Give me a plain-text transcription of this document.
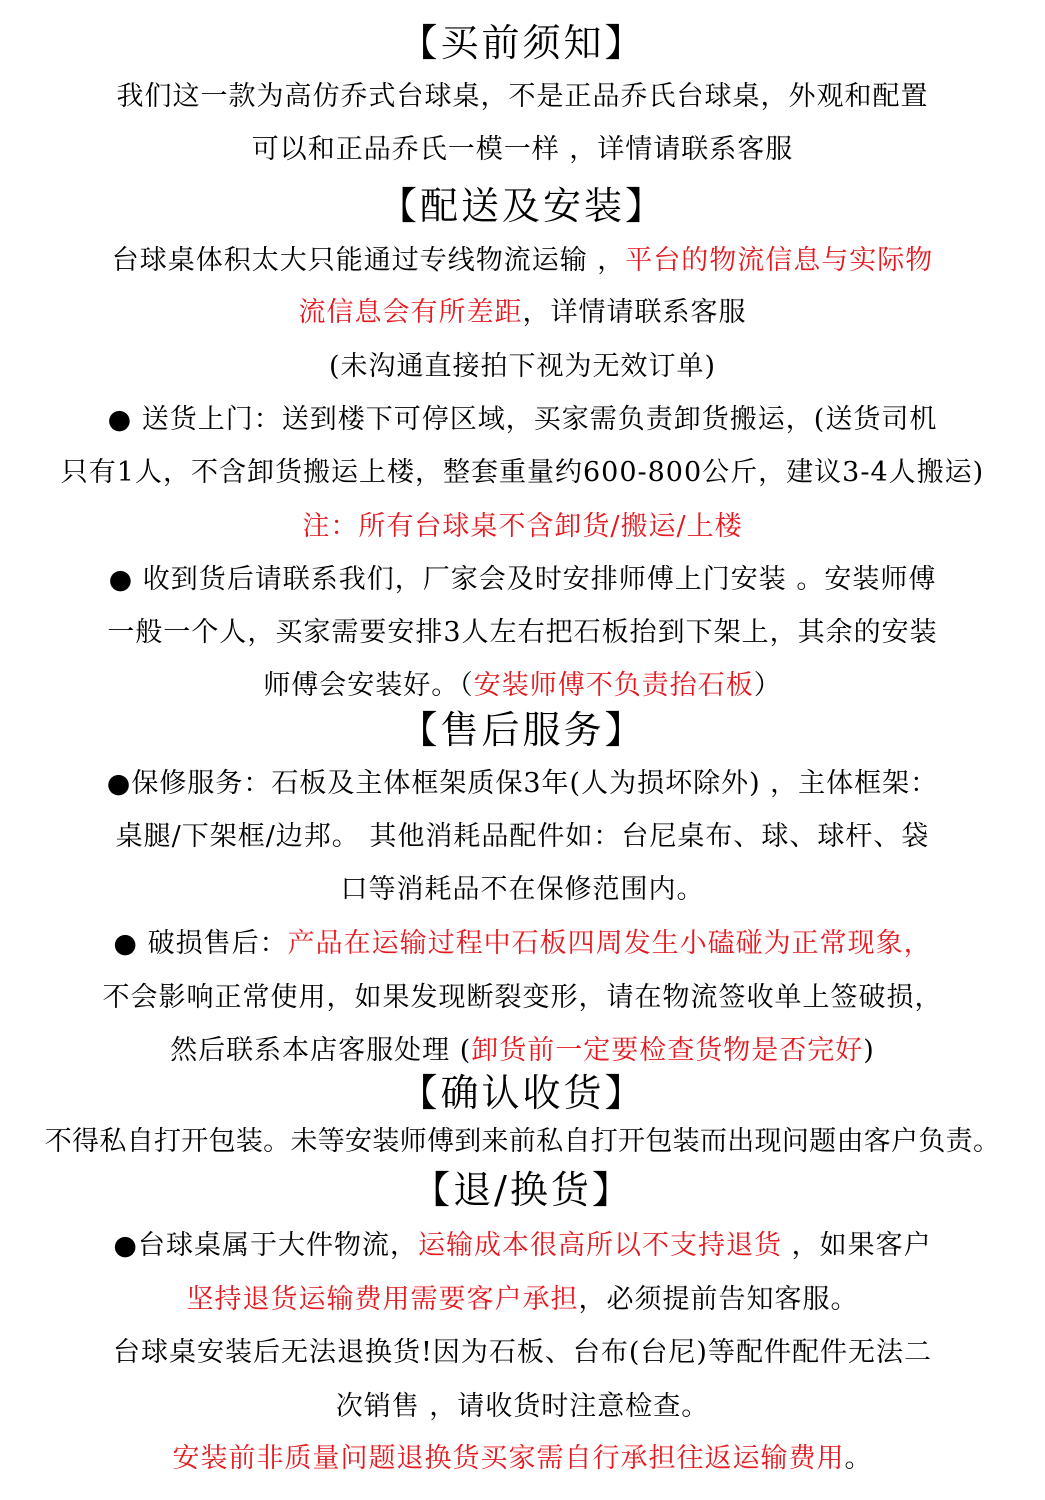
【买前须知】
我们这一款为高仿乔式台球桌，不是正品乔氏台球桌，外观和配置
可以和正品乔氏一模一样 ，详情请联系客服
【配送及安装】
台球桌体积太大只能通过专线物流运输 ，平台的物流信息与实际物
流信息会有所差距，详情请联系客服
(未沟通直接拍下视为无效订单)
● 送货上门：送到楼下可停区域，买家需负责卸货搬运，(送货司机
只有1人，不含卸货搬运上楼，整套重量约600-800公斤，建议3-4人搬运)
注：所有台球桌不含卸货/搬运/上楼
● 收到货后请联系我们，厂家会及时安排师傅上门安装 。安装师傅
一般一个人，买家需要安排3人左右把石板抬到下架上，其余的安装
师傅会安装好。（安装师傅不负责抬石板）
【售后服务】
●保修服务：石板及主体框架质保3年(人为损坏除外) ，主体框架：
桌腿/下架框/边邦。 其他消耗品配件如：台尼桌布、球、球杆、袋
口等消耗品不在保修范围内。
● 破损售后：产品在运输过程中石板四周发生小磕碰为正常现象，
不会影响正常使用，如果发现断裂变形，请在物流签收单上签破损，
然后联系本店客服处理 (卸货前一定要检查货物是否完好)
【确认收货】
不得私自打开包装。未等安装师傅到来前私自打开包装而出现问题由客户负责。
【退/换货】
●台球桌属于大件物流，运输成本很高所以不支持退货 ，如果客户
坚持退货运输费用需要客户承担，必须提前告知客服。
台球桌安装后无法退换货!因为石板、台布(台尼)等配件配件无法二
次销售 ，请收货时注意检查。
安装前非质量问题退换货买家需自行承担往返运输费用。
